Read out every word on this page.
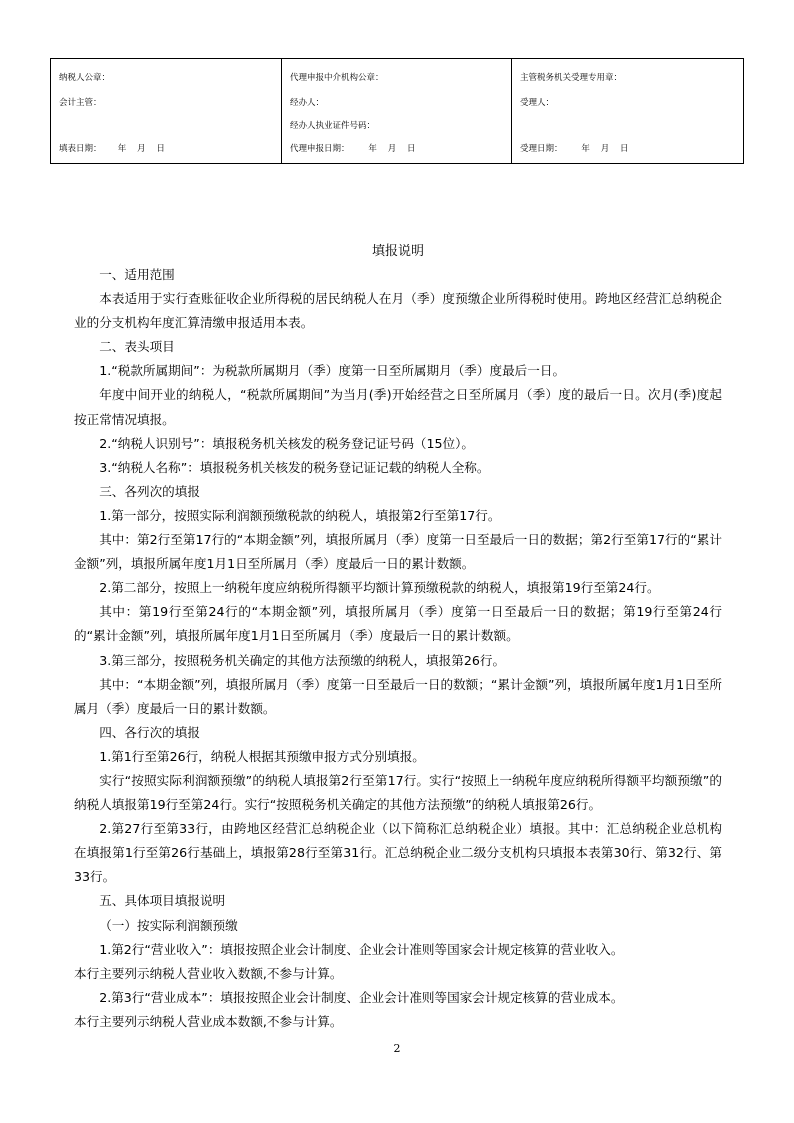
纳税人公章：
会计主管：
填表日期：      年    月    日
代理申报中介机构公章：
经办人：
经办人执业证件号码：
代理申报日期：       年    月    日
主管税务机关受理专用章：
受理人：
受理日期：       年    月    日
填报说明

一、适用范围

本表适用于实行查账征收企业所得税的居民纳税人在月（季）度预缴企业所得税时使用。跨地区经营汇总纳税企业的分支机构年度汇算清缴申报适用本表。

二、表头项目

1.“税款所属期间”：为税款所属期月（季）度第一日至所属期月（季）度最后一日。

年度中间开业的纳税人，“税款所属期间”为当月(季)开始经营之日至所属月（季）度的最后一日。次月(季)度起按正常情况填报。

2.“纳税人识别号”：填报税务机关核发的税务登记证号码（15位）。

3.“纳税人名称”：填报税务机关核发的税务登记证记载的纳税人全称。

三、各列次的填报

1.第一部分，按照实际利润额预缴税款的纳税人，填报第2行至第17行。

其中：第2行至第17行的“本期金额”列，填报所属月（季）度第一日至最后一日的数据；第2行至第17行的“累计金额”列，填报所属年度1月1日至所属月（季）度最后一日的累计数额。

2.第二部分，按照上一纳税年度应纳税所得额平均额计算预缴税款的纳税人，填报第19行至第24行。

其中：第19行至第24行的“本期金额”列，填报所属月（季）度第一日至最后一日的数据；第19行至第24行的“累计金额”列，填报所属年度1月1日至所属月（季）度最后一日的累计数额。

3.第三部分，按照税务机关确定的其他方法预缴的纳税人，填报第26行。

其中：“本期金额”列，填报所属月（季）度第一日至最后一日的数额；“累计金额”列，填报所属年度1月1日至所属月（季）度最后一日的累计数额。

四、各行次的填报

1.第1行至第26行，纳税人根据其预缴申报方式分别填报。

实行“按照实际利润额预缴”的纳税人填报第2行至第17行。实行“按照上一纳税年度应纳税所得额平均额预缴”的纳税人填报第19行至第24行。实行“按照税务机关确定的其他方法预缴”的纳税人填报第26行。

2.第27行至第33行，由跨地区经营汇总纳税企业（以下简称汇总纳税企业）填报。其中：汇总纳税企业总机构在填报第1行至第26行基础上，填报第28行至第31行。汇总纳税企业二级分支机构只填报本表第30行、第32行、第33行。

五、具体项目填报说明

（一）按实际利润额预缴

1.第2行“营业收入”：填报按照企业会计制度、企业会计准则等国家会计规定核算的营业收入。

本行主要列示纳税人营业收入数额,不参与计算。

2.第3行“营业成本”：填报按照企业会计制度、企业会计准则等国家会计规定核算的营业成本。

本行主要列示纳税人营业成本数额,不参与计算。

2
